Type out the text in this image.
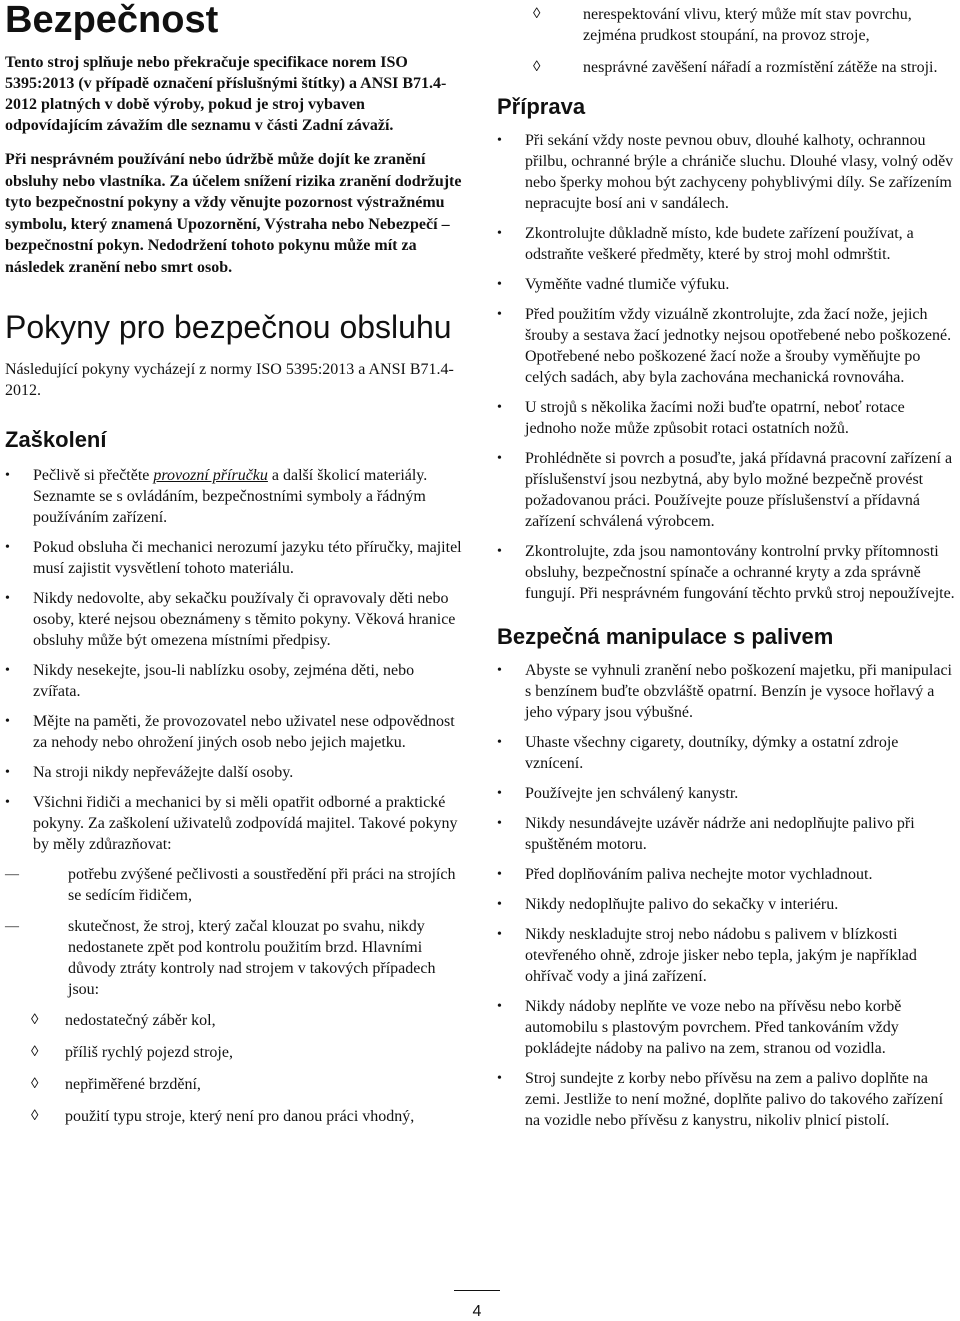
Bezpečnost

Tento stroj splňuje nebo překračuje specifikace norem ISO 5395:2013 (v případě označení příslušnými štítky) a ANSI B71.4-2012 platných v době výroby, pokud je stroj vybaven odpovídajícím závažím dle seznamu v části Zadní závaží.

Při nesprávném používání nebo údržbě může dojít ke zranění obsluhy nebo vlastníka. Za účelem snížení rizika zranění dodržujte tyto bezpečnostní pokyny a vždy věnujte pozornost výstražnému symbolu, který znamená Upozornění, Výstraha nebo Nebezpečí – bezpečnostní pokyn. Nedodržení tohoto pokynu může mít za následek zranění nebo smrt osob.

Pokyny pro bezpečnou obsluhu

Následující pokyny vycházejí z normy ISO 5395:2013 a ANSI B71.4-2012.

Zaškolení
• Pečlivě si přečtěte provozní příručku a další školicí materiály. Seznamte se s ovládáním, bezpečnostními symboly a řádným používáním zařízení.
• Pokud obsluha či mechanici nerozumí jazyku této příručky, majitel musí zajistit vysvětlení tohoto materiálu.
• Nikdy nedovolte, aby sekačku používaly či opravovaly děti nebo osoby, které nejsou obeznámeny s těmito pokyny. Věková hranice obsluhy může být omezena místními předpisy.
• Nikdy nesekejte, jsou-li nablízku osoby, zejména děti, nebo zvířata.
• Mějte na paměti, že provozovatel nebo uživatel nese odpovědnost za nehody nebo ohrožení jiných osob nebo jejich majetku.
• Na stroji nikdy nepřevážejte další osoby.
• Všichni řidiči a mechanici by si měli opatřit odborné a praktické pokyny. Za zaškolení uživatelů zodpovídá majitel. Takové pokyny by měly zdůrazňovat:
— potřebu zvýšené pečlivosti a soustředění při práci na strojích se sedícím řidičem,
— skutečnost, že stroj, který začal klouzat po svahu, nikdy nedostanete zpět pod kontrolu použitím brzd. Hlavními důvody ztráty kontroly nad strojem v takových případech jsou:
◊ nedostatečný záběr kol,
◊ příliš rychlý pojezd stroje,
◊ nepřiměřené brzdění,
◊ použití typu stroje, který není pro danou práci vhodný,
◊ nerespektování vlivu, který může mít stav povrchu, zejména prudkost stoupání, na provoz stroje,
◊ nesprávné zavěšení nářadí a rozmístění zátěže na stroji.
Příprava
• Při sekání vždy noste pevnou obuv, dlouhé kalhoty, ochrannou přilbu, ochranné brýle a chrániče sluchu. Dlouhé vlasy, volný oděv nebo šperky mohou být zachyceny pohyblivými díly. Se zařízením nepracujte bosí ani v sandálech.
• Zkontrolujte důkladně místo, kde budete zařízení používat, a odstraňte veškeré předměty, které by stroj mohl odmrštit.
• Vyměňte vadné tlumiče výfuku.
• Před použitím vždy vizuálně zkontrolujte, zda žací nože, jejich šrouby a sestava žací jednotky nejsou opotřebené nebo poškozené. Opotřebené nebo poškozené žací nože a šrouby vyměňujte po celých sadách, aby byla zachována mechanická rovnováha.
• U strojů s několika žacími noži buďte opatrní, neboť rotace jednoho nože může způsobit rotaci ostatních nožů.
• Prohlédněte si povrch a posuďte, jaká přídavná pracovní zařízení a příslušenství jsou nezbytná, aby bylo možné bezpečně provést požadovanou práci. Používejte pouze příslušenství a přídavná zařízení schválená výrobcem.
• Zkontrolujte, zda jsou namontovány kontrolní prvky přítomnosti obsluhy, bezpečnostní spínače a ochranné kryty a zda správně fungují. Při nesprávném fungování těchto prvků stroj nepoužívejte.
Bezpečná manipulace s palivem
• Abyste se vyhnuli zranění nebo poškození majetku, při manipulaci s benzínem buďte obzvláště opatrní. Benzín je vysoce hořlavý a jeho výpary jsou výbušné.
• Uhaste všechny cigarety, doutníky, dýmky a ostatní zdroje vznícení.
• Používejte jen schválený kanystr.
• Nikdy nesundávejte uzávěr nádrže ani nedoplňujte palivo při spuštěném motoru.
• Před doplňováním paliva nechejte motor vychladnout.
• Nikdy nedoplňujte palivo do sekačky v interiéru.
• Nikdy neskladujte stroj nebo nádobu s palivem v blízkosti otevřeného ohně, zdroje jisker nebo tepla, jakým je například ohřívač vody a jiná zařízení.
• Nikdy nádoby neplňte ve voze nebo na přívěsu nebo korbě automobilu s plastovým povrchem. Před tankováním vždy pokládejte nádoby na palivo na zem, stranou od vozidla.
• Stroj sundejte z korby nebo přívěsu na zem a palivo doplňte na zemi. Jestliže to není možné, doplňte palivo do takového zařízení na vozidle nebo přívěsu z kanystru, nikoliv plnicí pistolí.
4
